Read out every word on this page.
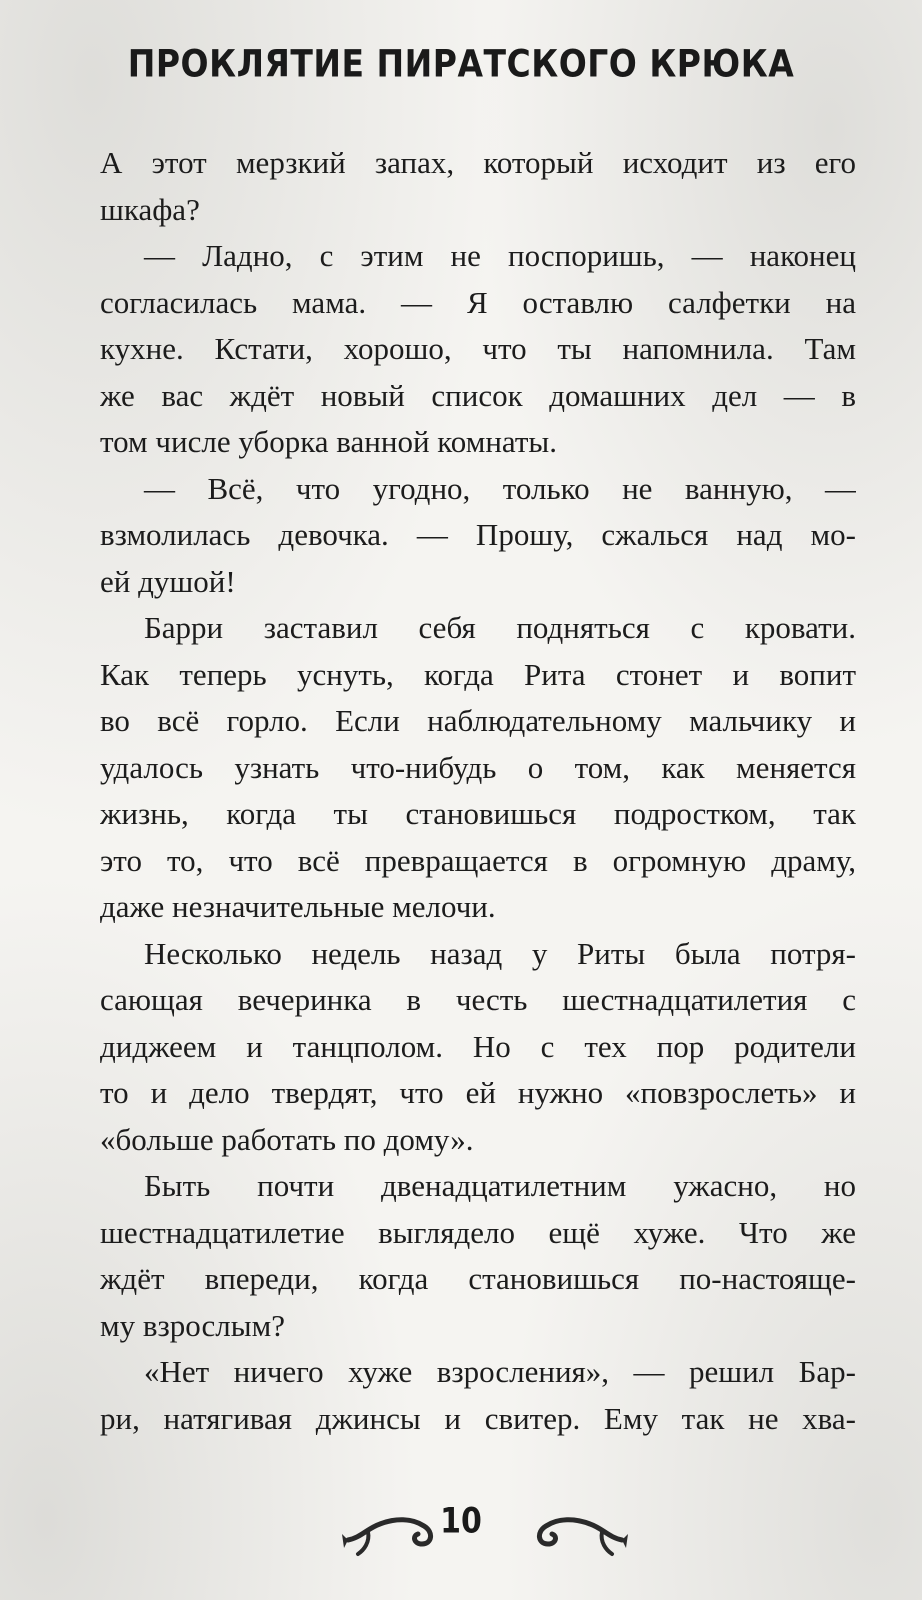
ПРОКЛЯТИЕ ПИРАТСКОГО КРЮКА
А этот мерзкий запах, который исходит из его
шкафа?
— Ладно, с этим не поспоришь, — наконец
согласилась мама. — Я оставлю салфетки на
кухне. Кстати, хорошо, что ты напомнила. Там
же вас ждёт новый список домашних дел — в
том числе уборка ванной комнаты.
— Всё, что угодно, только не ванную, —
взмолилась девочка. — Прошу, сжалься над мо-
ей душой!
Барри заставил себя подняться с кровати.
Как теперь уснуть, когда Рита стонет и вопит
во всё горло. Если наблюдательному мальчику и
удалось узнать что-нибудь о том, как меняется
жизнь, когда ты становишься подростком, так
это то, что всё превращается в огромную драму,
даже незначительные мелочи.
Несколько недель назад у Риты была потря-
сающая вечеринка в честь шестнадцатилетия с
диджеем и танцполом. Но с тех пор родители
то и дело твердят, что ей нужно «повзрослеть» и
«больше работать по дому».
Быть почти двенадцатилетним ужасно, но
шестнадцатилетие выглядело ещё хуже. Что же
ждёт впереди, когда становишься по-настояще-
му взрослым?
«Нет ничего хуже взросления», — решил Бар-
ри, натягивая джинсы и свитер. Ему так не хва-
10
